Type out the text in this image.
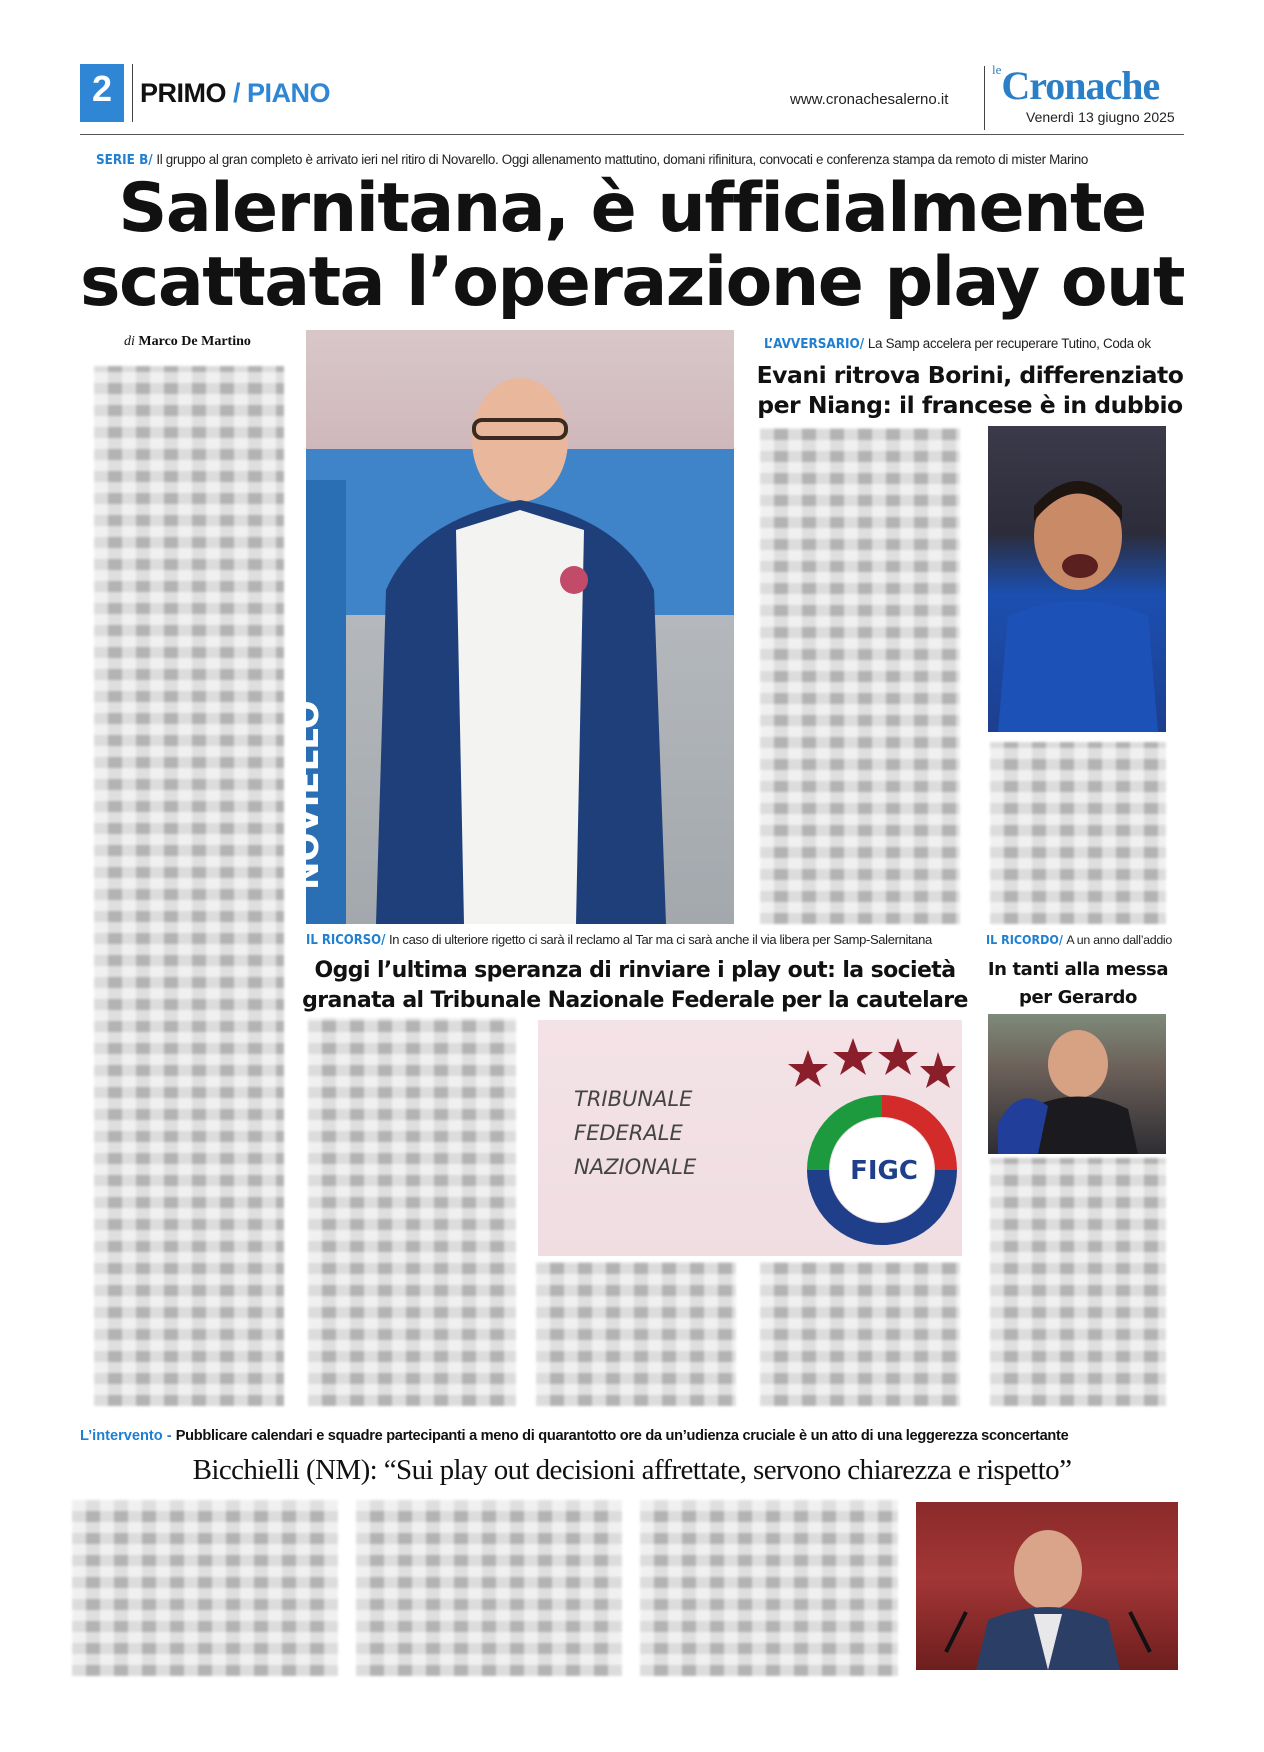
2	PRIMO / PIANO	www.cronachesalerno.it
$^{le}$Cronache
Venerdì 13 giugno 2025
SERIE B/ Il gruppo al gran completo è arrivato ieri nel ritiro di Novarello. Oggi allenamento mattutino, domani rifinitura, convocati e conferenza stampa da remoto di mister Marino
Salernitana, è ufficialmente
scattata l’operazione play out
di Marco De Martino
NOVIELLO
L’AVVERSARIO/ La Samp accelera per recuperare Tutino, Coda ok
Evani ritrova Borini, differenziato
per Niang: il francese è in dubbio
IL RICORSO/ In caso di ulteriore rigetto ci sarà il reclamo al Tar ma ci sarà anche il via libera per Samp-Salernitana
Oggi l’ultima speranza di rinviare i play out: la società
granata al Tribunale Nazionale Federale per la cautelare
TRIBUNALE
FEDERALE
NAZIONALE	FIGC
IL RICORDO/ A un anno dall’addio
In tanti alla messa
per Gerardo
L’intervento - Pubblicare calendari e squadre partecipanti a meno di quarantotto ore da un’udienza cruciale è un atto di una leggerezza sconcertante
Bicchielli (NM): “Sui play out decisioni affrettate, servono chiarezza e rispetto”
